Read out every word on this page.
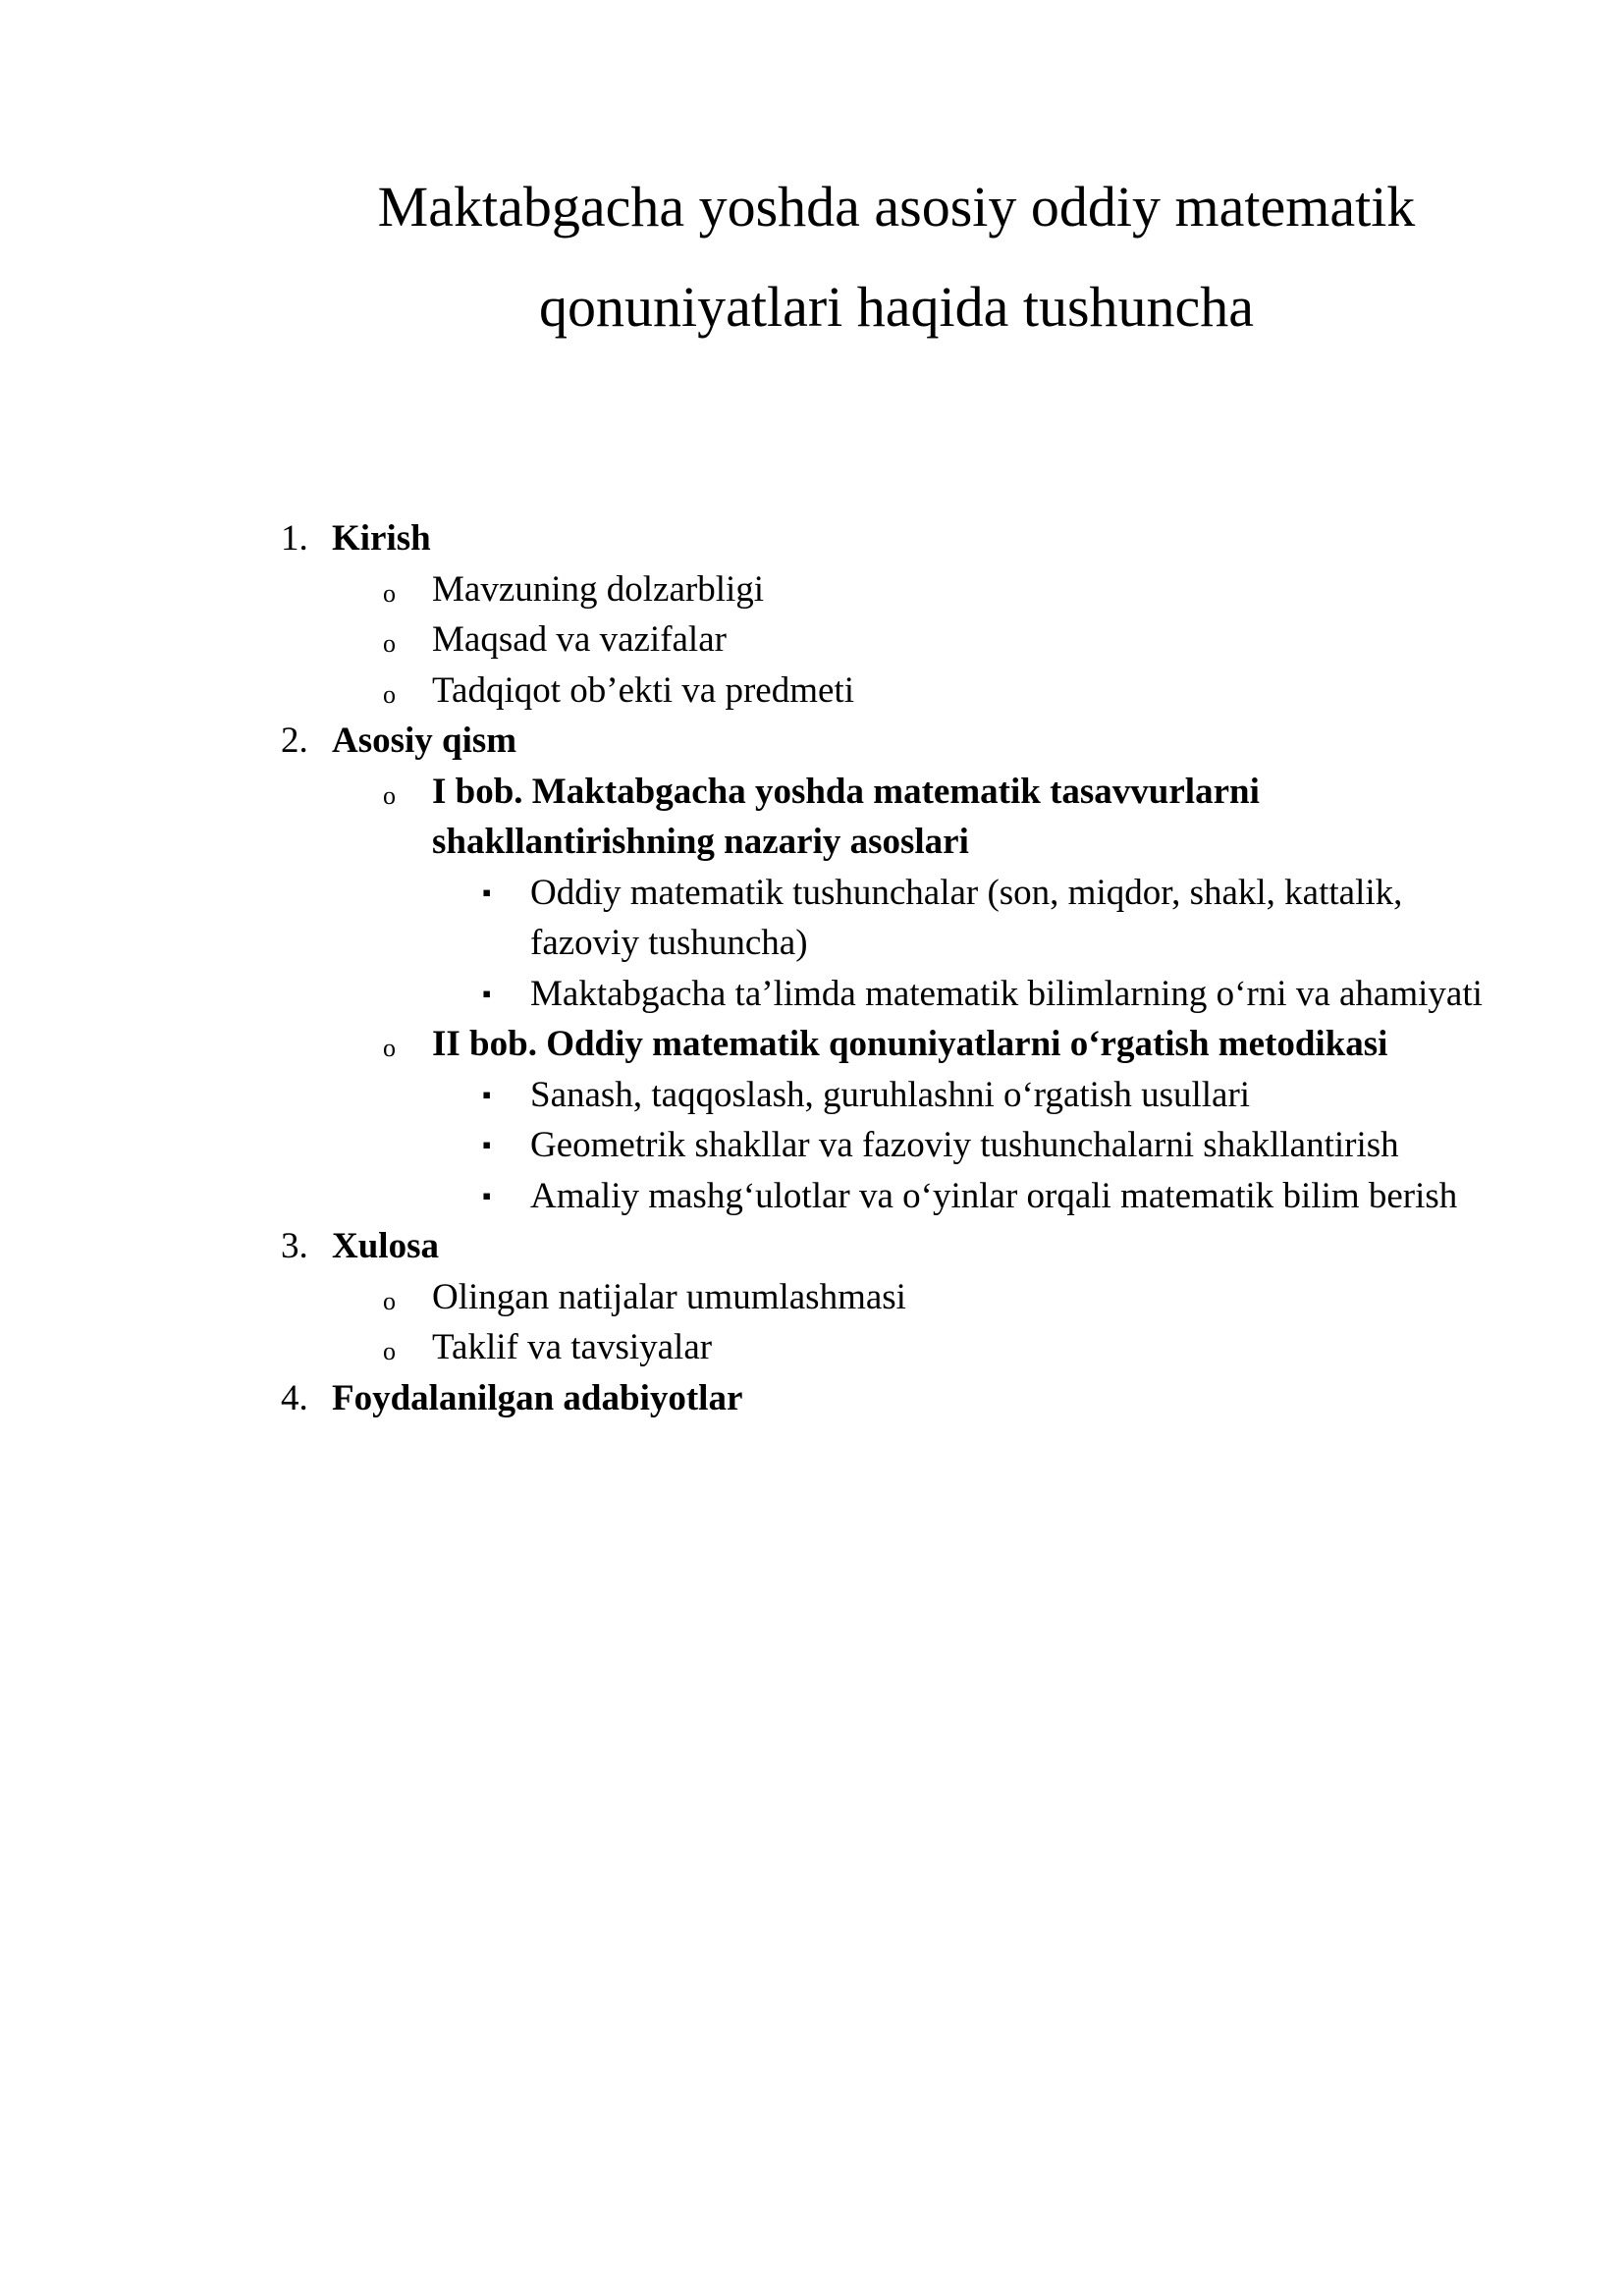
Maktabgacha yoshda asosiy oddiy matematik qonuniyatlari haqida tushuncha
1. Kirish
o Mavzuning dolzarbligi
o Maqsad va vazifalar
o Tadqiqot ob’ekti va predmeti
2. Asosiy qism
o I bob. Maktabgacha yoshda matematik tasavvurlarni shakllantirishning nazariy asoslari
▪ Oddiy matematik tushunchalar (son, miqdor, shakl, kattalik, fazoviy tushuncha)
▪ Maktabgacha ta’limda matematik bilimlarning o‘rni va ahamiyati
o II bob. Oddiy matematik qonuniyatlarni o‘rgatish metodikasi
▪ Sanash, taqqoslash, guruhlashni o‘rgatish usullari
▪ Geometrik shakllar va fazoviy tushunchalarni shakllantirish
▪ Amaliy mashg‘ulotlar va o‘yinlar orqali matematik bilim berish
3. Xulosa
o Olingan natijalar umumlashmasi
o Taklif va tavsiyalar
4. Foydalanilgan adabiyotlar
